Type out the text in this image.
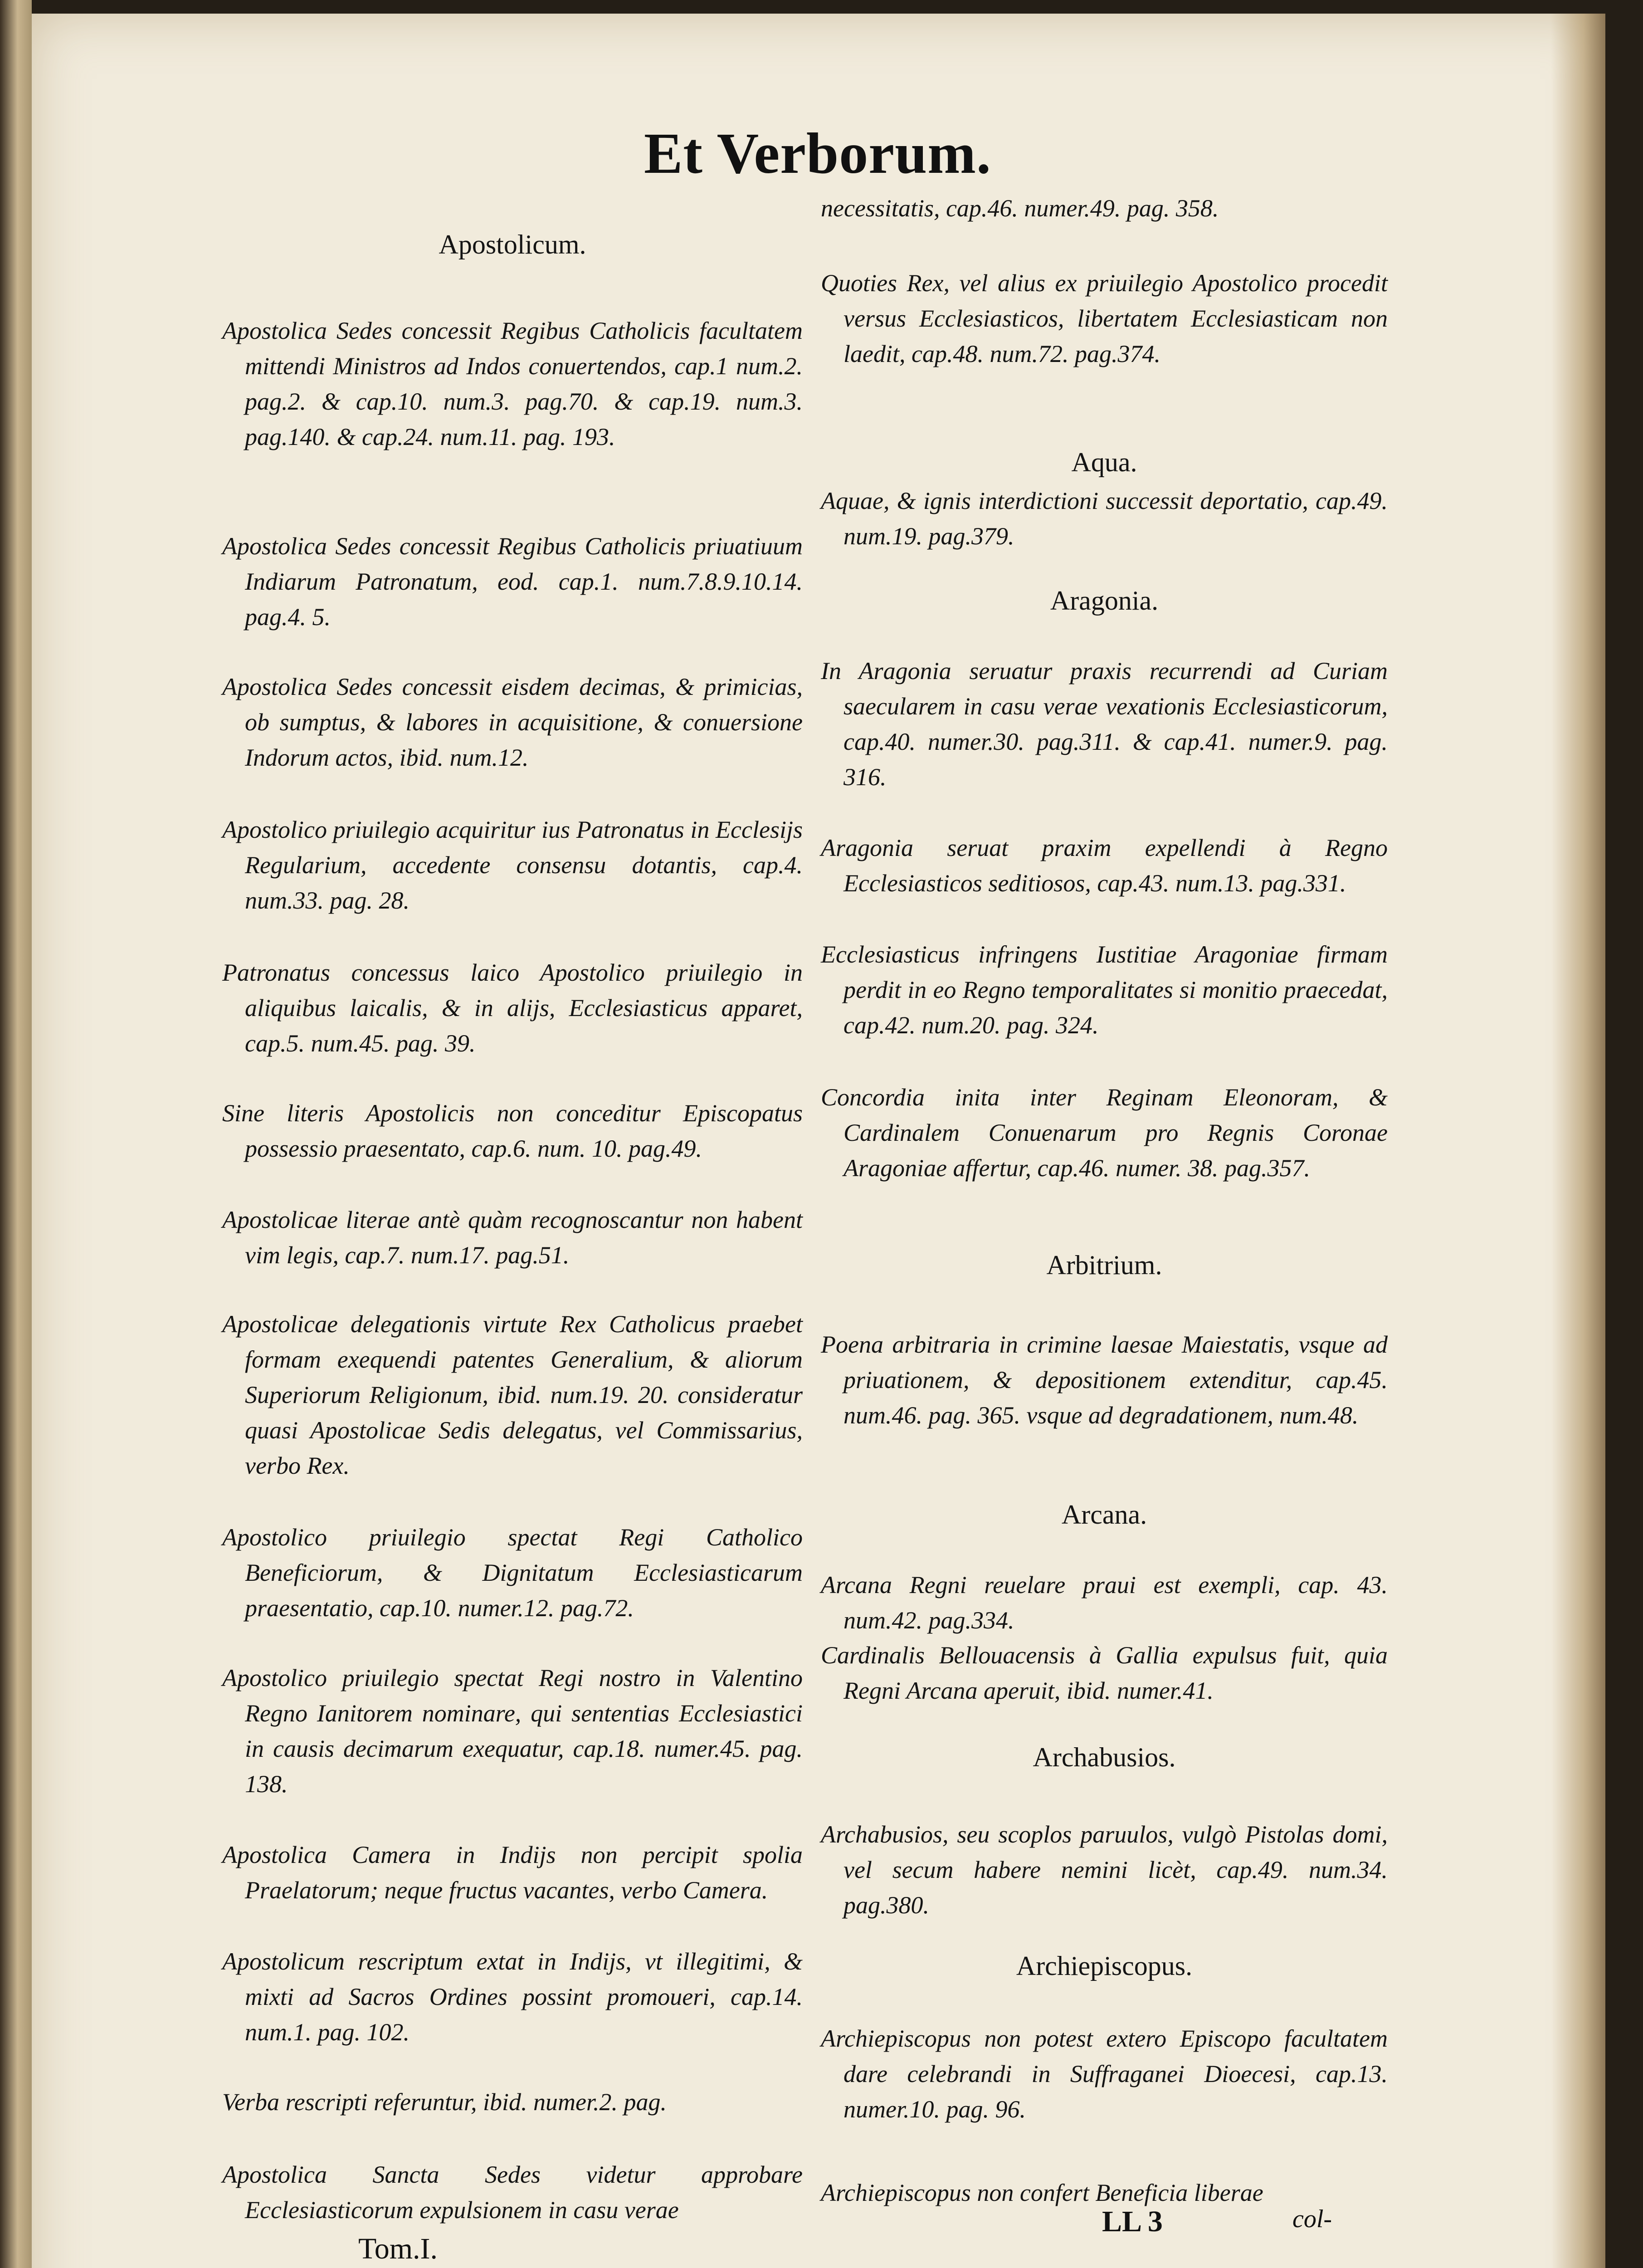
Et Verborum.
Apostolicum.
Apostolica Sedes concessit Regibus Catholicis facultatem mittendi Ministros ad Indos conuertendos, cap.1 num.2. pag.2. & cap.10. num.3. pag.70. & cap.19. num.3. pag.140. & cap.24. num.11. pag. 193.
Apostolica Sedes concessit Regibus Catholicis priuatiuum Indiarum Patronatum, eod. cap.1. num.7.8.9.10.14. pag.4. 5.
Apostolica Sedes concessit eisdem decimas, & primicias, ob sumptus, & labores in acquisitione, & conuersione Indorum actos, ibid. num.12.
Apostolico priuilegio acquiritur ius Patronatus in Ecclesijs Regularium, accedente consensu dotantis, cap.4. num.33. pag. 28.
Patronatus concessus laico Apostolico priuilegio in aliquibus laicalis, & in alijs, Ecclesiasticus apparet, cap.5. num.45. pag. 39.
Sine literis Apostolicis non conceditur Episcopatus possessio praesentato, cap.6. num. 10. pag.49.
Apostolicae literae antè quàm recognoscantur non habent vim legis, cap.7. num.17. pag.51.
Apostolicae delegationis virtute Rex Catholicus praebet formam exequendi patentes Generalium, & aliorum Superiorum Religionum, ibid. num.19. 20. consideratur quasi Apostolicae Sedis delegatus, vel Commissarius, verbo Rex.
Apostolico priuilegio spectat Regi Catholico Beneficiorum, & Dignitatum Ecclesiasticarum praesentatio, cap.10. numer.12. pag.72.
Apostolico priuilegio spectat Regi nostro in Valentino Regno Ianitorem nominare, qui sententias Ecclesiastici in causis decimarum exequatur, cap.18. numer.45. pag. 138.
Apostolica Camera in Indijs non percipit spolia Praelatorum; neque fructus vacantes, verbo Camera.
Apostolicum rescriptum extat in Indijs, vt illegitimi, & mixti ad Sacros Ordines possint promoueri, cap.14. num.1. pag. 102.
Verba rescripti referuntur, ibid. numer.2. pag.
Apostolica Sancta Sedes videtur approbare Ecclesiasticorum expulsionem in casu verae
necessitatis, cap.46. numer.49. pag. 358.
Quoties Rex, vel alius ex priuilegio Apostolico procedit versus Ecclesiasticos, libertatem Ecclesiasticam non laedit, cap.48. num.72. pag.374.
Aqua.
Aquae, & ignis interdictioni successit deportatio, cap.49. num.19. pag.379.
Aragonia.
In Aragonia seruatur praxis recurrendi ad Curiam saecularem in casu verae vexationis Ecclesiasticorum, cap.40. numer.30. pag.311. & cap.41. numer.9. pag. 316.
Aragonia seruat praxim expellendi à Regno Ecclesiasticos seditiosos, cap.43. num.13. pag.331.
Ecclesiasticus infringens Iustitiae Aragoniae firmam perdit in eo Regno temporalitates si monitio praecedat, cap.42. num.20. pag. 324.
Concordia inita inter Reginam Eleonoram, & Cardinalem Conuenarum pro Regnis Coronae Aragoniae affertur, cap.46. numer. 38. pag.357.
Arbitrium.
Poena arbitraria in crimine laesae Maiestatis, vsque ad priuationem, & depositionem extenditur, cap.45. num.46. pag. 365. vsque ad degradationem, num.48.
Arcana.
Arcana Regni reuelare praui est exempli, cap. 43. num.42. pag.334.
Cardinalis Bellouacensis à Gallia expulsus fuit, quia Regni Arcana aperuit, ibid. numer.41.
Archabusios.
Archabusios, seu scoplos paruulos, vulgò Pistolas domi, vel secum habere nemini licèt, cap.49. num.34. pag.380.
Archiepiscopus.
Archiepiscopus non potest extero Episcopo facultatem dare celebrandi in Suffraganei Dioecesi, cap.13. numer.10. pag. 96.
Archiepiscopus non confert Beneficia liberae
Tom.I.
LL 3	col-
